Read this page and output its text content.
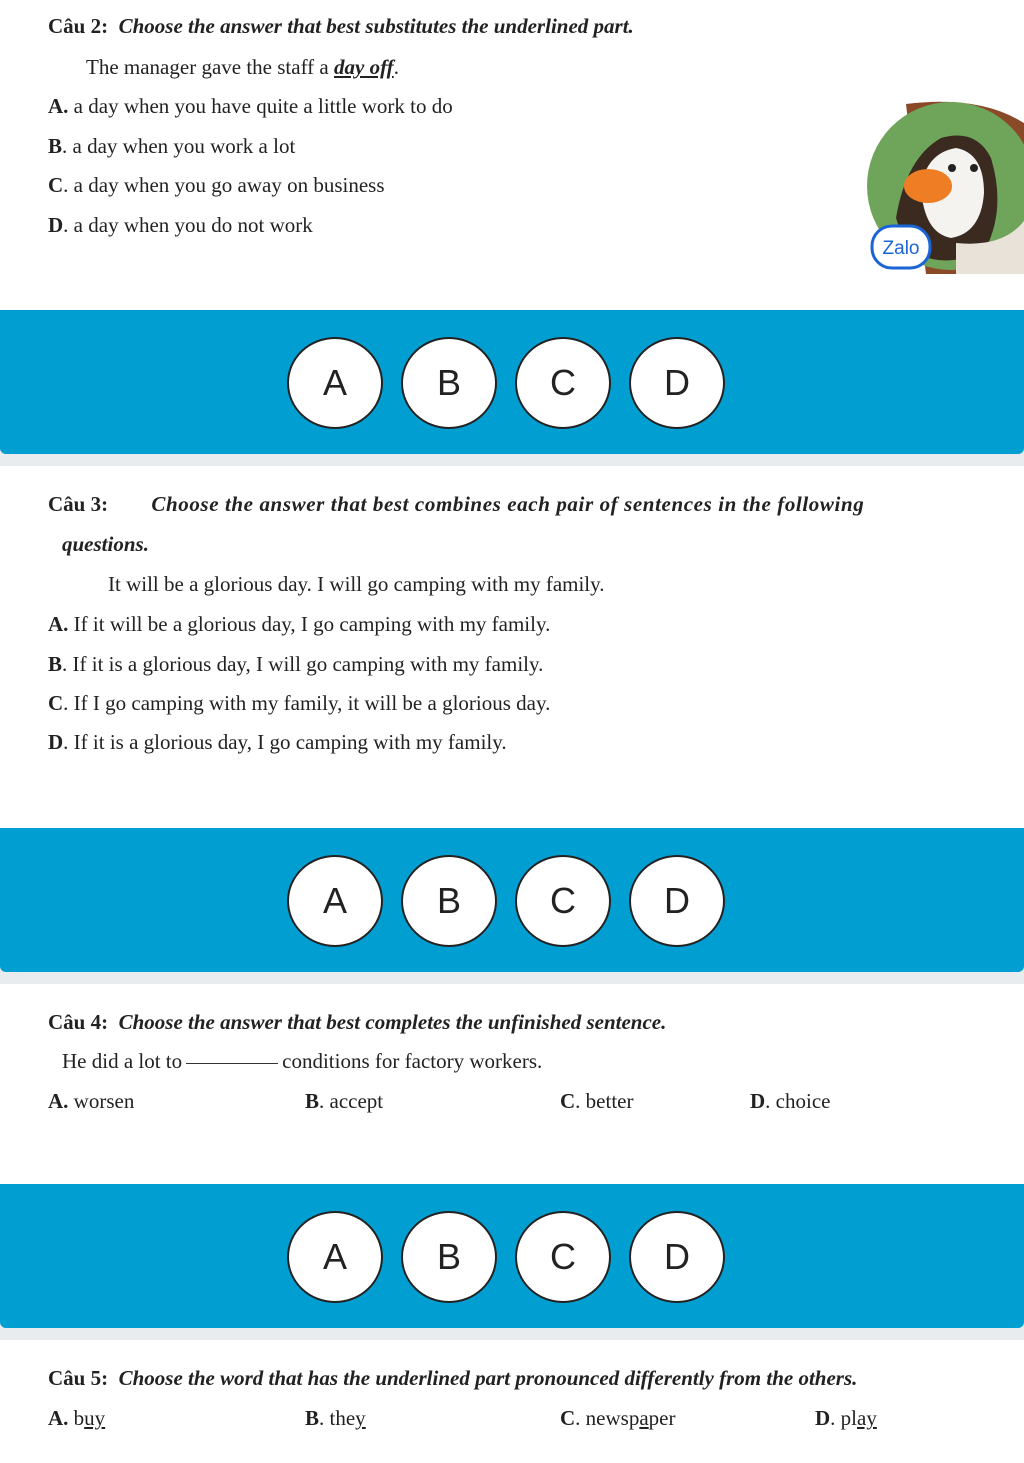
Câu 2: Choose the answer that best substitutes the underlined part.
The manager gave the staff a day off.
A. a day when you have quite a little work to do
B. a day when you work a lot
C. a day when you go away on business
D. a day when you do not work
Zalo
A	B	C	D
Câu 3: Choose the answer that best combines each pair of sentences in the following
questions.
It will be a glorious day. I will go camping with my family.
A. If it will be a glorious day, I go camping with my family.
B. If it is a glorious day, I will go camping with my family.
C. If I go camping with my family, it will be a glorious day.
D. If it is a glorious day, I go camping with my family.
A	B	C	D
Câu 4: Choose the answer that best completes the unfinished sentence.
He did a lot to	conditions for factory workers.
A. worsen	B. accept	C. better	D. choice
A	B	C	D
Câu 5: Choose the word that has the underlined part pronounced differently from the others.
A. buy	B. they	C. newspaper	D. play
